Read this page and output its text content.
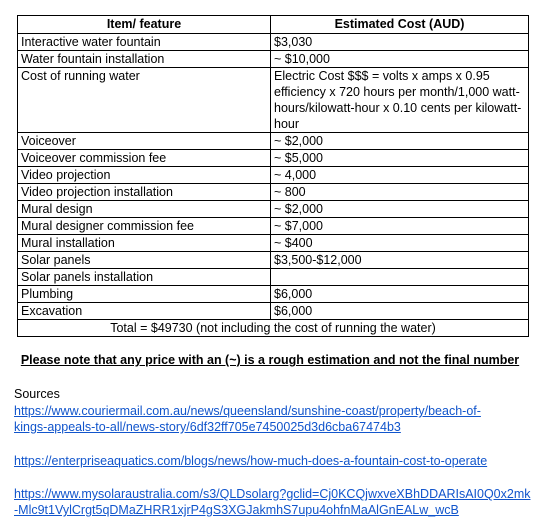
Item/ feature	Estimated Cost (AUD)
Interactive water fountain	$3,030
Water fountain installation	~ $10,000
Cost of running water	Electric Cost $$$ = volts x amps x 0.95 efficiency x 720 hours per month/1,000 watt-hours/kilowatt-hour x 0.10 cents per kilowatt-hour
Voiceover	~ $2,000
Voiceover commission fee	~ $5,000
Video projection	~ 4,000
Video projection installation	~ 800
Mural design	~ $2,000
Mural designer commission fee	~ $7,000
Mural installation	~ $400
Solar panels	$3,500-$12,000
Solar panels installation	
Plumbing	$6,000
Excavation	$6,000
Total = $49730 (not including the cost of running the water)	
Please note that any price with an (~) is a rough estimation and not the final number
Sources
https://www.couriermail.com.au/news/queensland/sunshine-coast/property/beach-of-
kings-appeals-to-all/news-story/6df32ff705e7450025d3d6cba67474b3
https://enterpriseaquatics.com/blogs/news/how-much-does-a-fountain-cost-to-operate
https://www.mysolaraustralia.com/s3/QLDsolarg?gclid=Cj0KCQjwxveXBhDDARIsAI0Q0x2mk
-Mlc9t1VylCrgt5qDMaZHRR1xjrP4gS3XGJakmhS7upu4ohfnMaAlGnEALw_wcB
